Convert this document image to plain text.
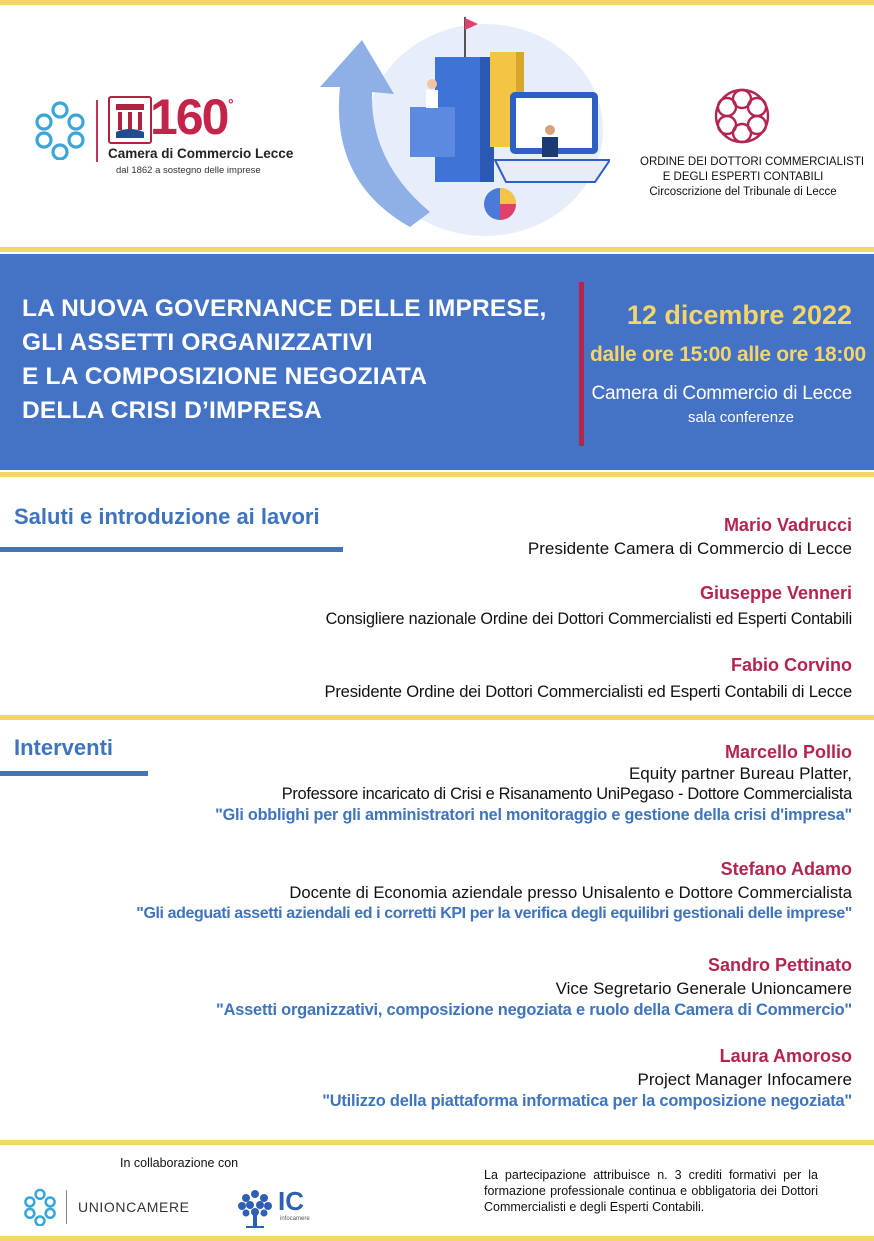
160 °
Camera di Commercio Lecce
dal 1862 a sostegno delle imprese
ORDINE DEI DOTTORI COMMERCIALISTI
E DEGLI ESPERTI CONTABILI
Circoscrizione del Tribunale di Lecce
LA NUOVA GOVERNANCE DELLE IMPRESE,
GLI ASSETTI ORGANIZZATIVI
E LA COMPOSIZIONE NEGOZIATA
DELLA CRISI D’IMPRESA
12 dicembre 2022
dalle ore 15:00 alle ore 18:00
Camera di Commercio di Lecce
sala conferenze
Saluti e introduzione ai lavori	Mario Vadrucci
Presidente Camera di Commercio di Lecce
Giuseppe Venneri
Consigliere nazionale Ordine dei Dottori Commercialisti ed Esperti Contabili
Fabio Corvino
Presidente Ordine dei Dottori Commercialisti ed Esperti Contabili di Lecce
Interventi	Marcello Pollio
Equity partner Bureau Platter,
Professore incaricato di Crisi e Risanamento UniPegaso - Dottore Commercialista
"Gli obblighi per gli amministratori nel monitoraggio e gestione della crisi d'impresa"
Stefano Adamo
Docente di Economia aziendale presso Unisalento e Dottore Commercialista
"Gli adeguati assetti aziendali ed i corretti KPI per la verifica degli equilibri gestionali delle imprese"
Sandro Pettinato
Vice Segretario Generale Unioncamere
"Assetti organizzativi, composizione negoziata e ruolo della Camera di Commercio"
Laura Amoroso
Project Manager Infocamere
"Utilizzo della piattaforma informatica per la composizione negoziata"
In collaborazione con
UNIONCAMERE	IC
infocamere
La partecipazione attribuisce n. 3 crediti formativi per la formazione professionale continua e obbligatoria dei Dottori Commercialisti e degli Esperti Contabili.
